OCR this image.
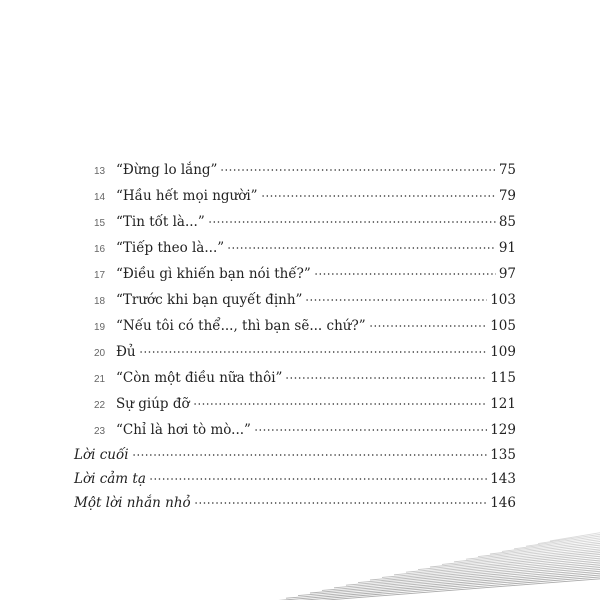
13 “Đừng lo lắng”	75
14 “Hầu hết mọi người”	79
15 “Tin tốt là...”	85
16 “Tiếp theo là...”	91
17 “Điều gì khiến bạn nói thế?”	97
18 “Trước khi bạn quyết định”	103
19 “Nếu tôi có thể..., thì bạn sẽ... chứ?”	105
20 Đủ	109
21 “Còn một điều nữa thôi”	115
22 Sự giúp đỡ	121
23 “Chỉ là hơi tò mò...”	129
Lời cuối	135
Lời cảm tạ	143
Một lời nhắn nhỏ	146
